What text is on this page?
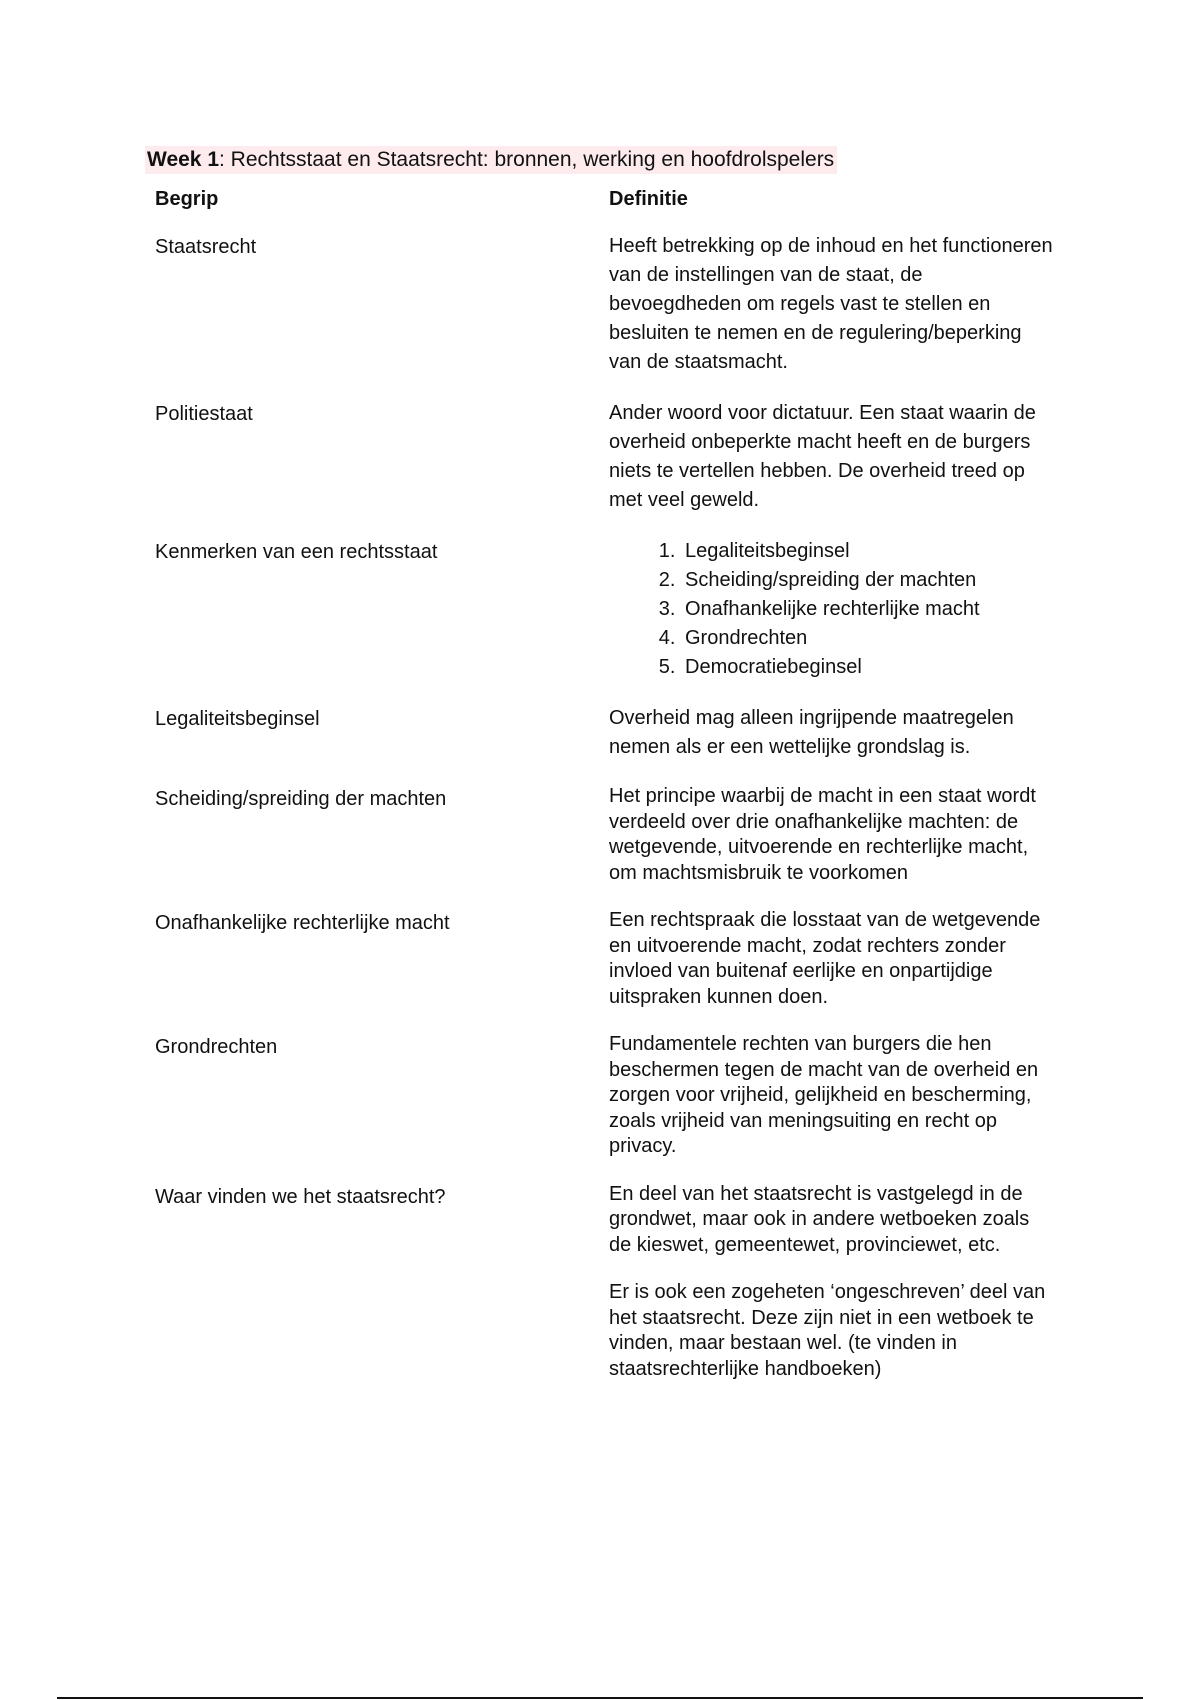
Week 1: Rechtsstaat en Staatsrecht: bronnen, werking en hoofdrolspelers
Begrip	Definitie
Staatsrecht	Heeft betrekking op de inhoud en het functioneren van de instellingen van de staat, de bevoegdheden om regels vast te stellen en besluiten te nemen en de regulering/beperking van de staatsmacht.
Politiestaat	Ander woord voor dictatuur. Een staat waarin de overheid onbeperkte macht heeft en de burgers niets te vertellen hebben. De overheid treed op met veel geweld.
Kenmerken van een rechtsstaat
1.	Legaliteitsbeginsel
2. Scheiding/spreiding der machten
3. Onafhankelijke rechterlijke macht
4. Grondrechten
5. Democratiebeginsel
Legaliteitsbeginsel	Overheid mag alleen ingrijpende maatregelen nemen als er een wettelijke grondslag is.
Scheiding/spreiding der machten	Het principe waarbij de macht in een staat wordt verdeeld over drie onafhankelijke machten: de wetgevende, uitvoerende en rechterlijke macht, om machtsmisbruik te voorkomen
Onafhankelijke rechterlijke macht	Een rechtspraak die losstaat van de wetgevende en uitvoerende macht, zodat rechters zonder invloed van buitenaf eerlijke en onpartijdige uitspraken kunnen doen.
Grondrechten	Fundamentele rechten van burgers die hen beschermen tegen de macht van de overheid en zorgen voor vrijheid, gelijkheid en bescherming, zoals vrijheid van meningsuiting en recht op privacy.
Waar vinden we het staatsrecht?	En deel van het staatsrecht is vastgelegd in de grondwet, maar ook in andere wetboeken zoals de kieswet, gemeentewet, provinciewet, etc.
Er is ook een zogeheten ‘ongeschreven’ deel van het staatsrecht. Deze zijn niet in een wetboek te vinden, maar bestaan wel. (te vinden in staatsrechterlijke handboeken)
